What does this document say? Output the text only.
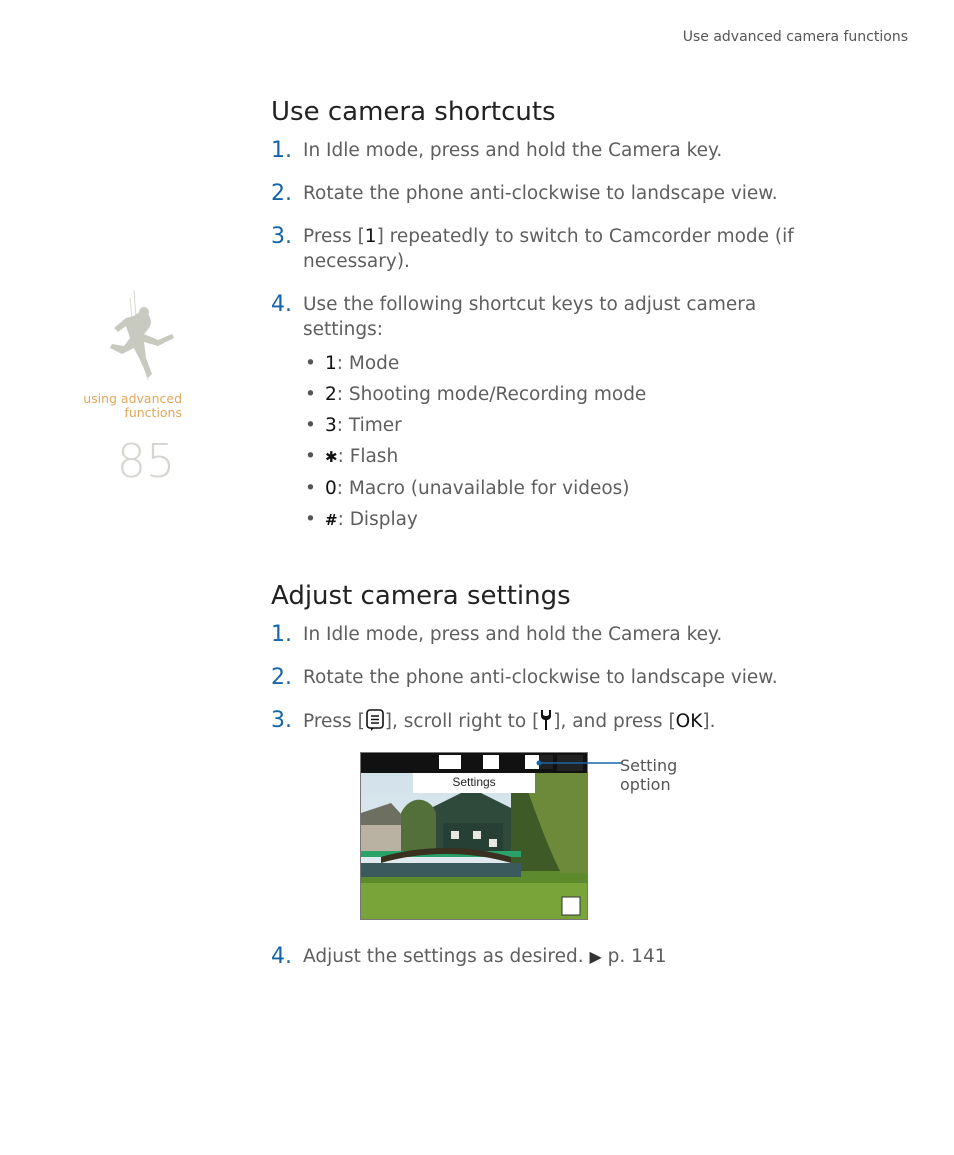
Use advanced camera functions
using advanced
functions
85
Use camera shortcuts
1. In Idle mode, press and hold the Camera key.
2. Rotate the phone anti-clockwise to landscape view.
3. Press [1] repeatedly to switch to Camcorder mode (if necessary).
4. Use the following shortcut keys to adjust camera settings:
• 1: Mode
• 2: Shooting mode/Recording mode
• 3: Timer
• ✱: Flash
• 0: Macro (unavailable for videos)
• #: Display
Adjust camera settings
1. In Idle mode, press and hold the Camera key.
2. Rotate the phone anti-clockwise to landscape view.
3. Press [ ], scroll right to [ ], and press [OK].
Settings
Setting
option
4. Adjust the settings as desired. ▶ p. 141
